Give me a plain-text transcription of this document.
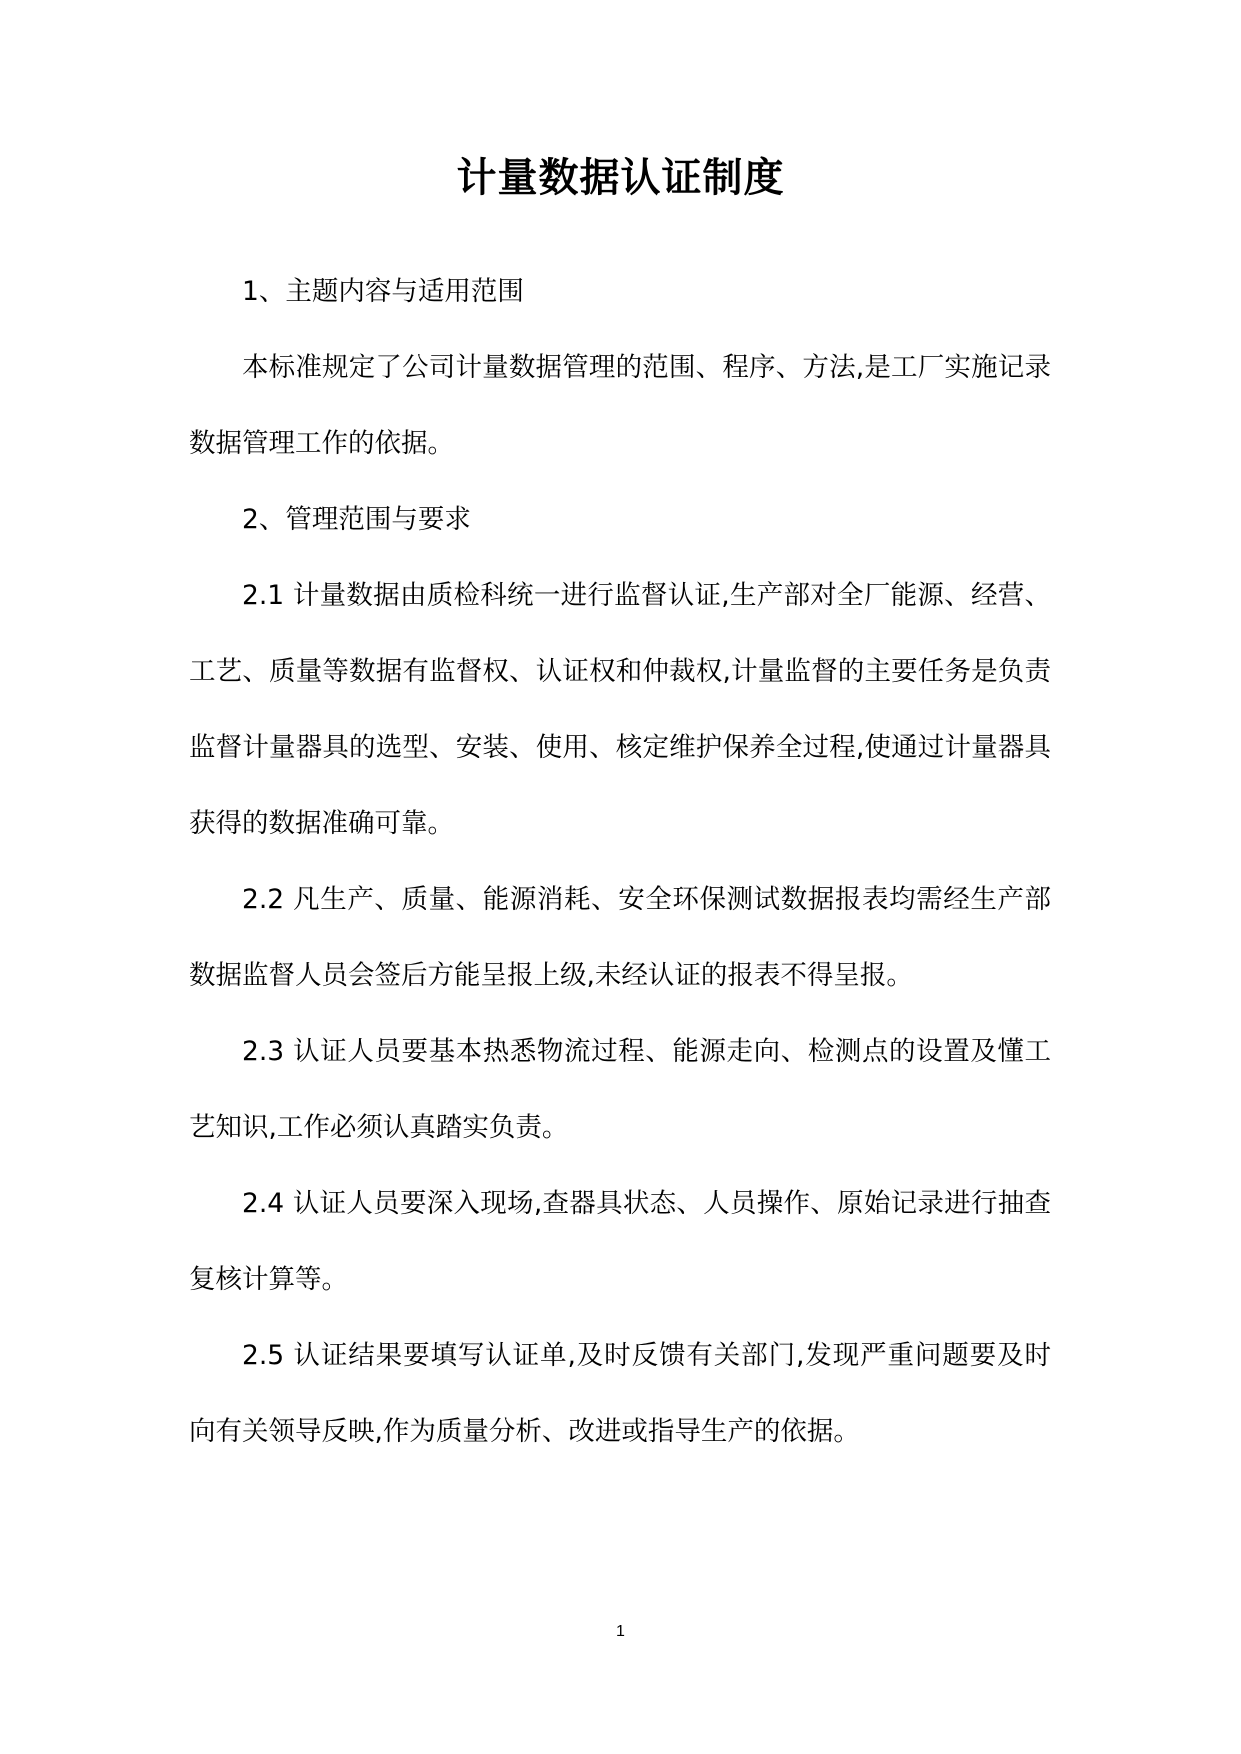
计量数据认证制度

1、主题内容与适用范围

本标准规定了公司计量数据管理的范围、程序、方法,是工厂实施记录数据管理工作的依据。

2、管理范围与要求

2.1 计量数据由质检科统一进行监督认证,生产部对全厂能源、经营、工艺、质量等数据有监督权、认证权和仲裁权,计量监督的主要任务是负责监督计量器具的选型、安装、使用、核定维护保养全过程,使通过计量器具获得的数据准确可靠。

2.2 凡生产、质量、能源消耗、安全环保测试数据报表均需经生产部数据监督人员会签后方能呈报上级,未经认证的报表不得呈报。

2.3 认证人员要基本热悉物流过程、能源走向、检测点的设置及懂工艺知识,工作必须认真踏实负责。

2.4 认证人员要深入现场,查器具状态、人员操作、原始记录进行抽查复核计算等。

2.5 认证结果要填写认证单,及时反馈有关部门,发现严重问题要及时向有关领导反映,作为质量分析、改进或指导生产的依据。

1
